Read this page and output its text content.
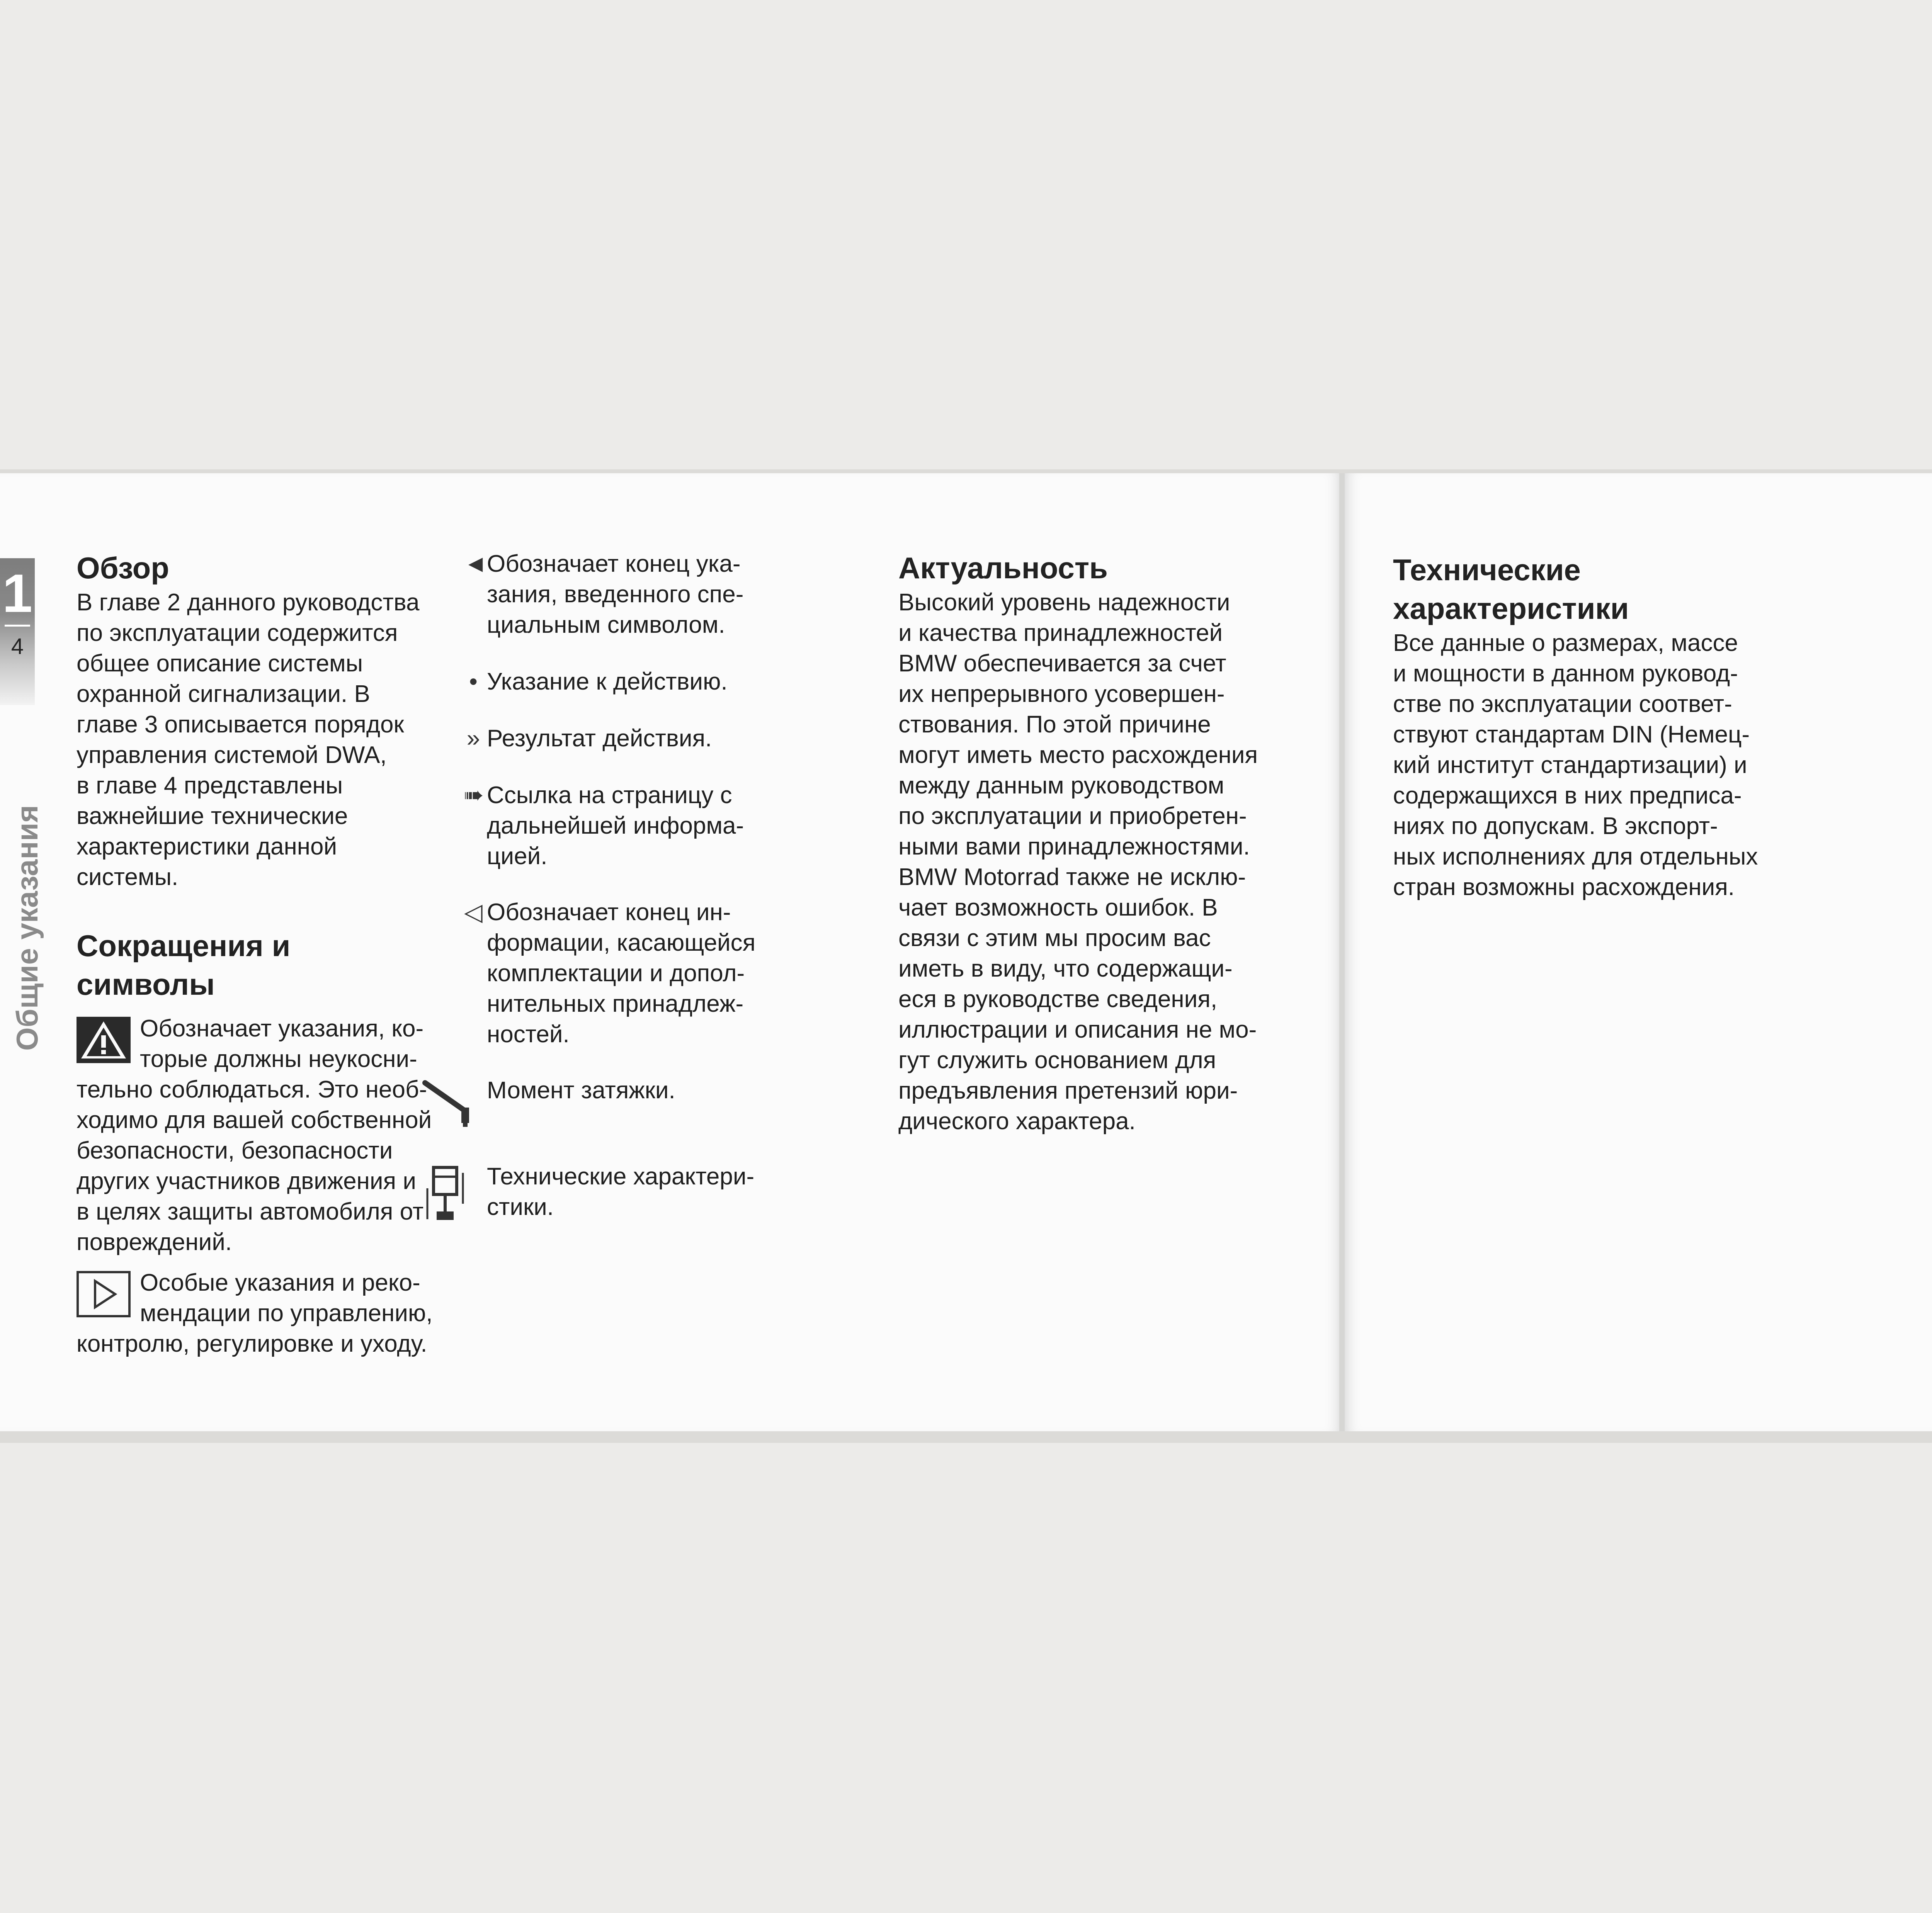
1
4
Общие указания
Обзор

В главе 2 данного руководства
по эксплуатации содержится
общее описание системы
охранной сигнализации. В
главе 3 описывается порядок
управления системой DWA,
в главе 4 представлены
важнейшие технические
характеристики данной
системы.

Сокращения и
символы
Обозначает указания, ко-
торые должны неукосни-
тельно соблюдаться. Это необ-
ходимо для вашей собственной
безопасности, безопасности
других участников движения и
в целях защиты автомобиля от
повреждений.
Особые указания и реко-
мендации по управлению,
контролю, регулировке и уходу.
◄
Обозначает конец ука-
зания, введенного спе-
циальным символом.
• Указание к действию.
» Результат действия.
➠ Ссылка на страницу с
дальнейшей информа-
цией.
◁ Обозначает конец ин-
формации, касающейся
комплектации и допол-
нительных принадлеж-
ностей.
Момент затяжки.
Технические характери-
стики.
Актуальность

Высокий уровень надежности
и качества принадлежностей
BMW обеспечивается за счет
их непрерывного усовершен-
ствования. По этой причине
могут иметь место расхождения
между данным руководством
по эксплуатации и приобретен-
ными вами принадлежностями.
BMW Motorrad также не исклю-
чает возможность ошибок. В
связи с этим мы просим вас
иметь в виду, что содержащи-
еся в руководстве сведения,
иллюстрации и описания не мо-
гут служить основанием для
предъявления претензий юри-
дического характера.

Технические
характеристики

Все данные о размерах, массе
и мощности в данном руковод-
стве по эксплуатации соответ-
ствуют стандартам DIN (Немец-
кий институт стандартизации) и
содержащихся в них предписа-
ниях по допускам. В экспорт-
ных исполнениях для отдельных
стран возможны расхождения.
